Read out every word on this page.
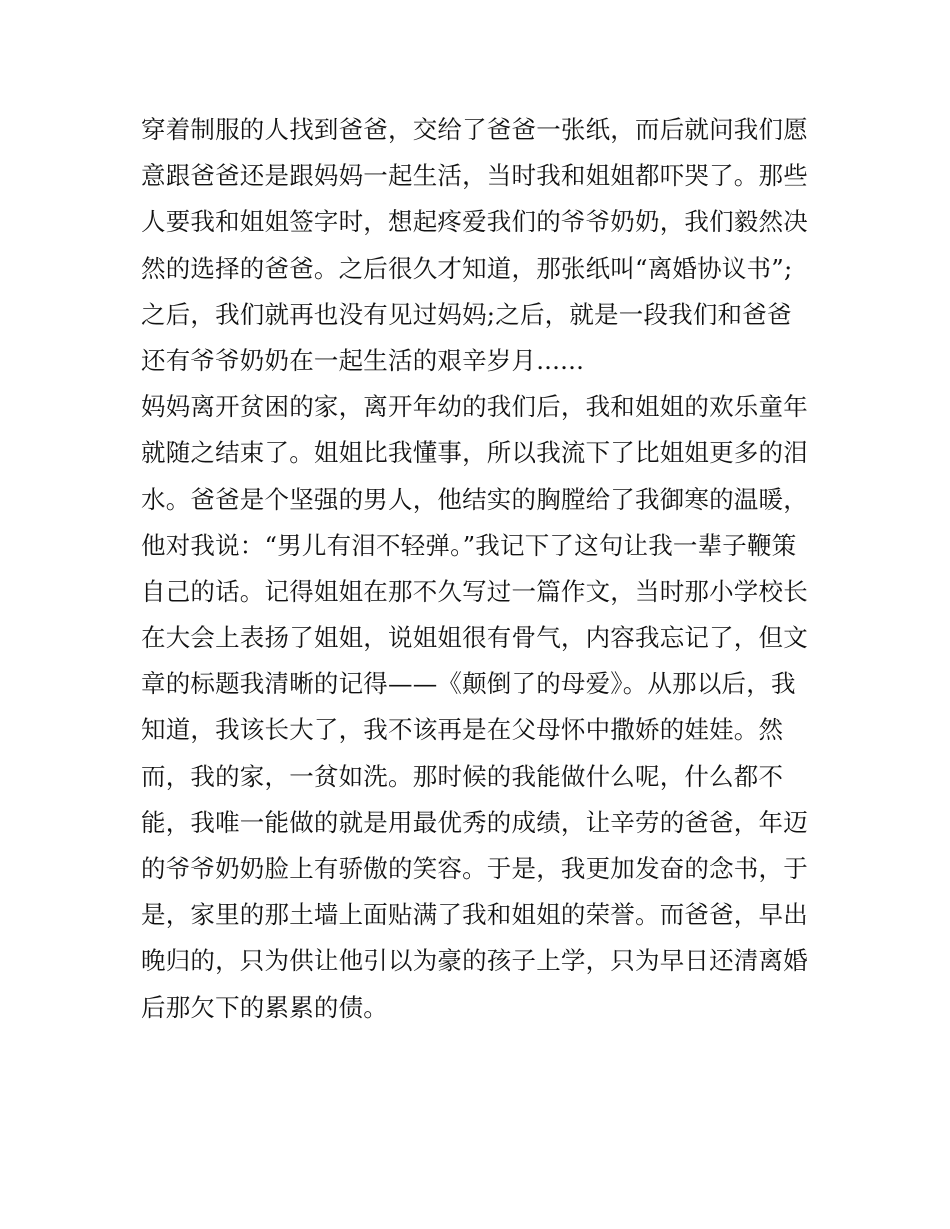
穿着制服的人找到爸爸，交给了爸爸一张纸，而后就问我们愿
意跟爸爸还是跟妈妈一起生活，当时我和姐姐都吓哭了。那些
人要我和姐姐签字时，想起疼爱我们的爷爷奶奶，我们毅然决
然的选择的爸爸。之后很久才知道，那张纸叫“离婚协议书”;
之后，我们就再也没有见过妈妈;之后，就是一段我们和爸爸
还有爷爷奶奶在一起生活的艰辛岁月......
妈妈离开贫困的家，离开年幼的我们后，我和姐姐的欢乐童年
就随之结束了。姐姐比我懂事，所以我流下了比姐姐更多的泪
水。爸爸是个坚强的男人，他结实的胸膛给了我御寒的温暖，
他对我说：“男儿有泪不轻弹。”我记下了这句让我一辈子鞭策
自己的话。记得姐姐在那不久写过一篇作文，当时那小学校长
在大会上表扬了姐姐，说姐姐很有骨气，内容我忘记了，但文
章的标题我清晰的记得——《颠倒了的母爱》。从那以后，我
知道，我该长大了，我不该再是在父母怀中撒娇的娃娃。然
而，我的家，一贫如洗。那时候的我能做什么呢，什么都不
能，我唯一能做的就是用最优秀的成绩，让辛劳的爸爸，年迈
的爷爷奶奶脸上有骄傲的笑容。于是，我更加发奋的念书，于
是，家里的那土墙上面贴满了我和姐姐的荣誉。而爸爸，早出
晚归的，只为供让他引以为豪的孩子上学，只为早日还清离婚
后那欠下的累累的债。
